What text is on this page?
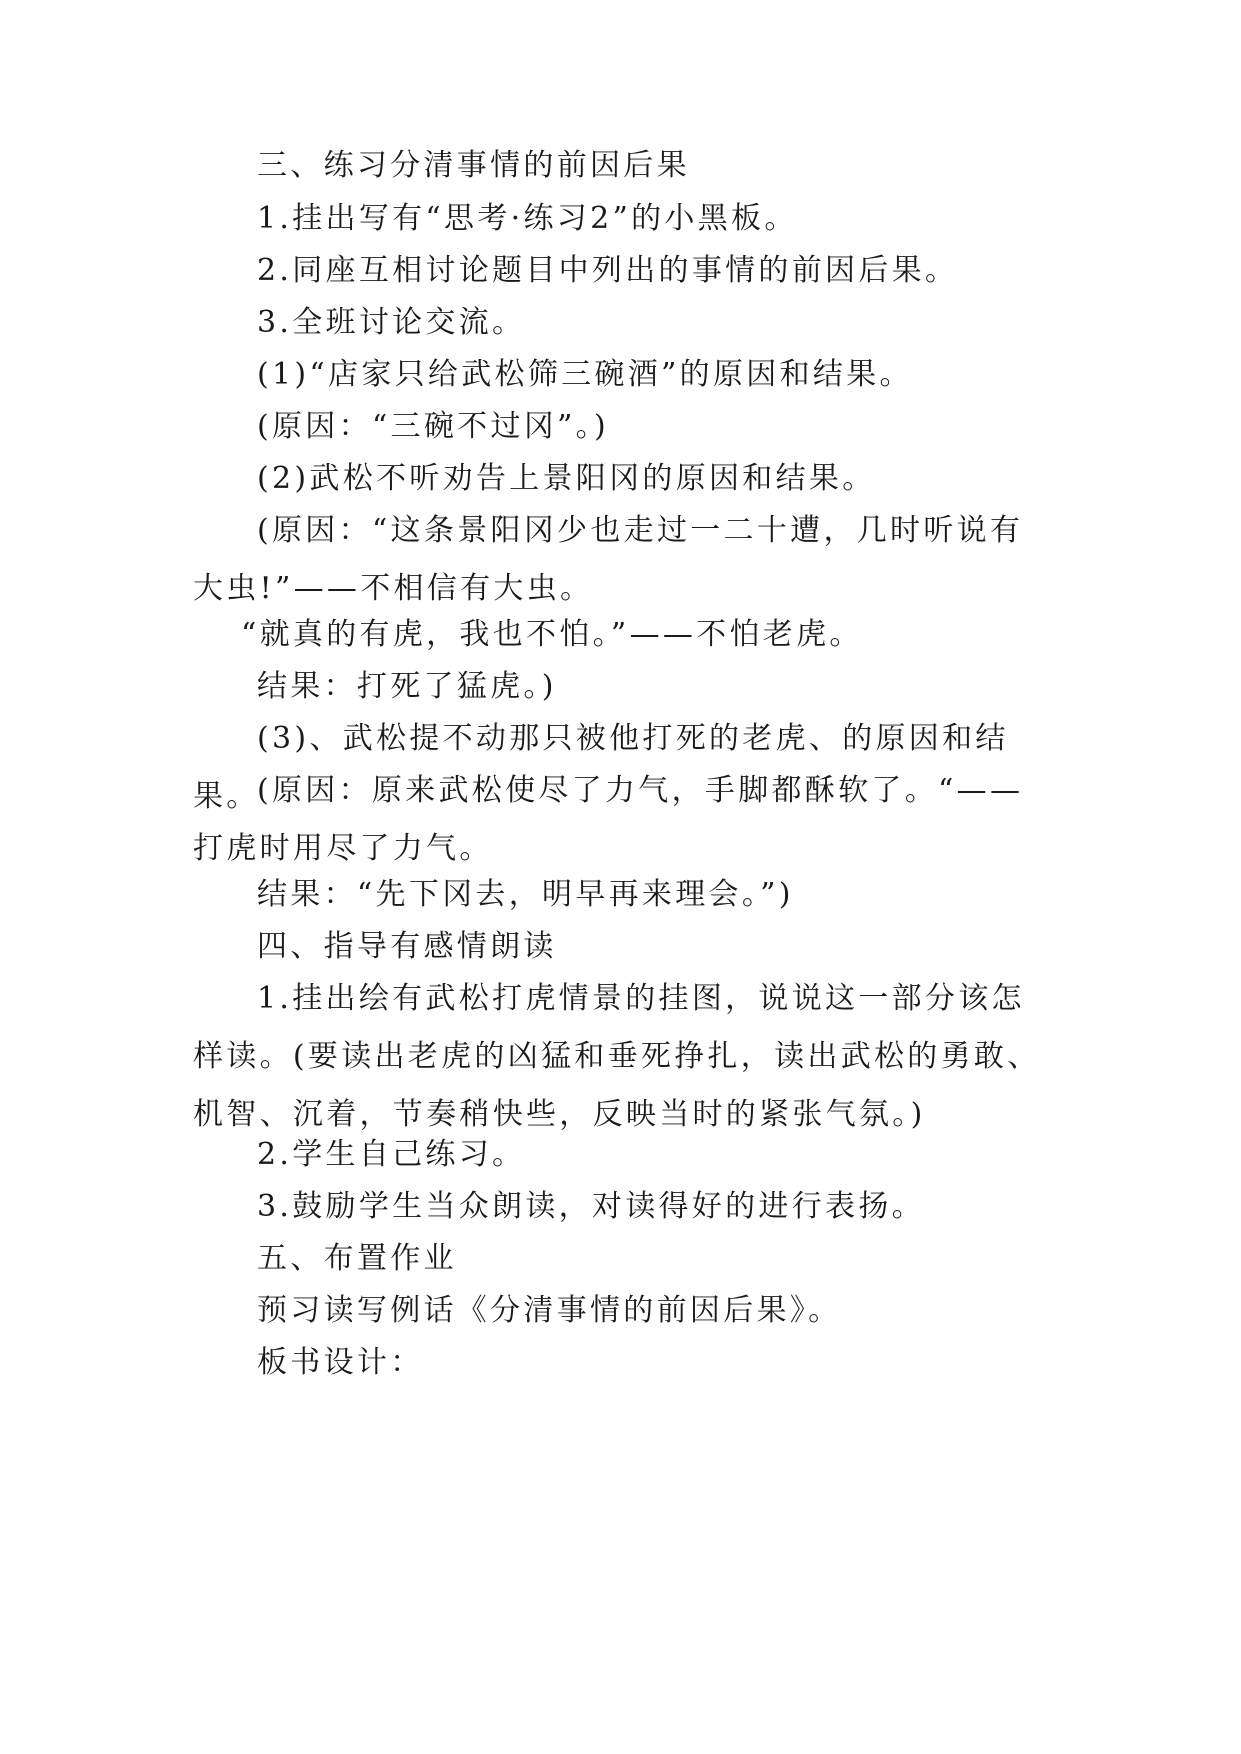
三、练习分清事情的前因后果

1.挂出写有“思考·练习2”的小黑板。

2.同座互相讨论题目中列出的事情的前因后果。

3.全班讨论交流。

(1)“店家只给武松筛三碗酒”的原因和结果。

(原因：“三碗不过冈”。)

(2)武松不听劝告上景阳冈的原因和结果。

(原因：“这条景阳冈少也走过一二十遭，几时听说有大虫!”——不相信有大虫。

“就真的有虎，我也不怕。”——不怕老虎。

结果：打死了猛虎。)

(3)、武松提不动那只被他打死的老虎、的原因和结果。

(原因：原来武松使尽了力气，手脚都酥软了。“——打虎时用尽了力气。

结果：“先下冈去，明早再来理会。”)

四、指导有感情朗读

1.挂出绘有武松打虎情景的挂图，说说这一部分该怎样读。(要读出老虎的凶猛和垂死挣扎，读出武松的勇敢、机智、沉着，节奏稍快些，反映当时的紧张气氛。)

2.学生自己练习。

3.鼓励学生当众朗读，对读得好的进行表扬。

五、布置作业

预习读写例话《分清事情的前因后果》。

板书设计：
